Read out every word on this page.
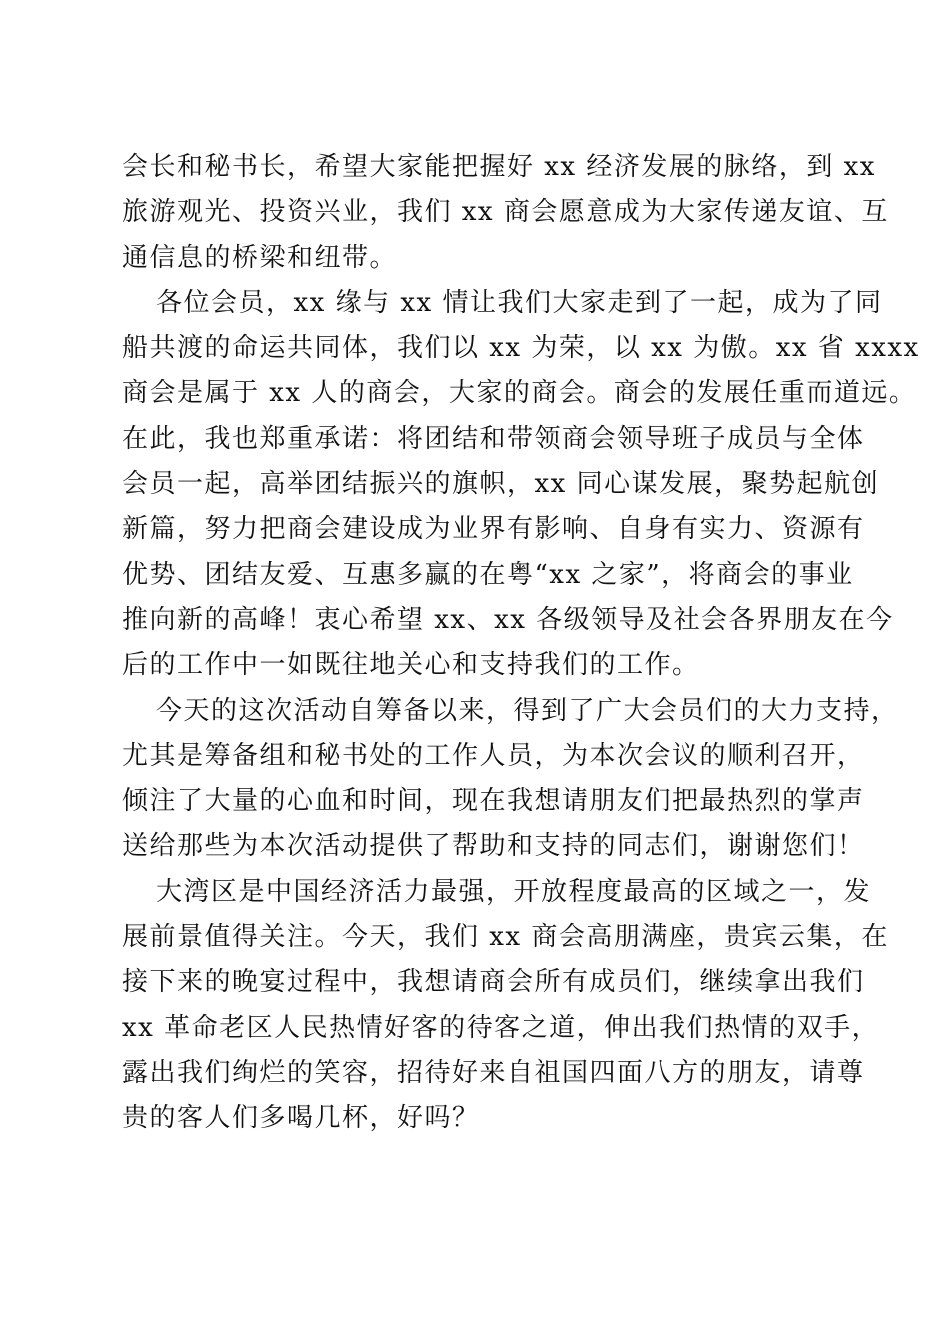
会长和秘书长，希望大家能把握好 xx 经济发展的脉络，到 xx
旅游观光、投资兴业，我们 xx 商会愿意成为大家传递友谊、互
通信息的桥梁和纽带。
各位会员，xx 缘与 xx 情让我们大家走到了一起，成为了同
船共渡的命运共同体，我们以 xx 为荣，以 xx 为傲。xx 省 xxxx
商会是属于 xx 人的商会，大家的商会。商会的发展任重而道远。
在此，我也郑重承诺：将团结和带领商会领导班子成员与全体
会员一起，高举团结振兴的旗帜，xx 同心谋发展，聚势起航创
新篇，努力把商会建设成为业界有影响、自身有实力、资源有
优势、团结友爱、互惠多赢的在粤“xx 之家”，将商会的事业
推向新的高峰！衷心希望 xx、xx 各级领导及社会各界朋友在今
后的工作中一如既往地关心和支持我们的工作。
今天的这次活动自筹备以来，得到了广大会员们的大力支持，
尤其是筹备组和秘书处的工作人员，为本次会议的顺利召开，
倾注了大量的心血和时间，现在我想请朋友们把最热烈的掌声
送给那些为本次活动提供了帮助和支持的同志们，谢谢您们！
大湾区是中国经济活力最强，开放程度最高的区域之一，发
展前景值得关注。今天，我们 xx 商会高朋满座，贵宾云集，在
接下来的晚宴过程中，我想请商会所有成员们，继续拿出我们
xx 革命老区人民热情好客的待客之道，伸出我们热情的双手，
露出我们绚烂的笑容，招待好来自祖国四面八方的朋友，请尊
贵的客人们多喝几杯，好吗？
